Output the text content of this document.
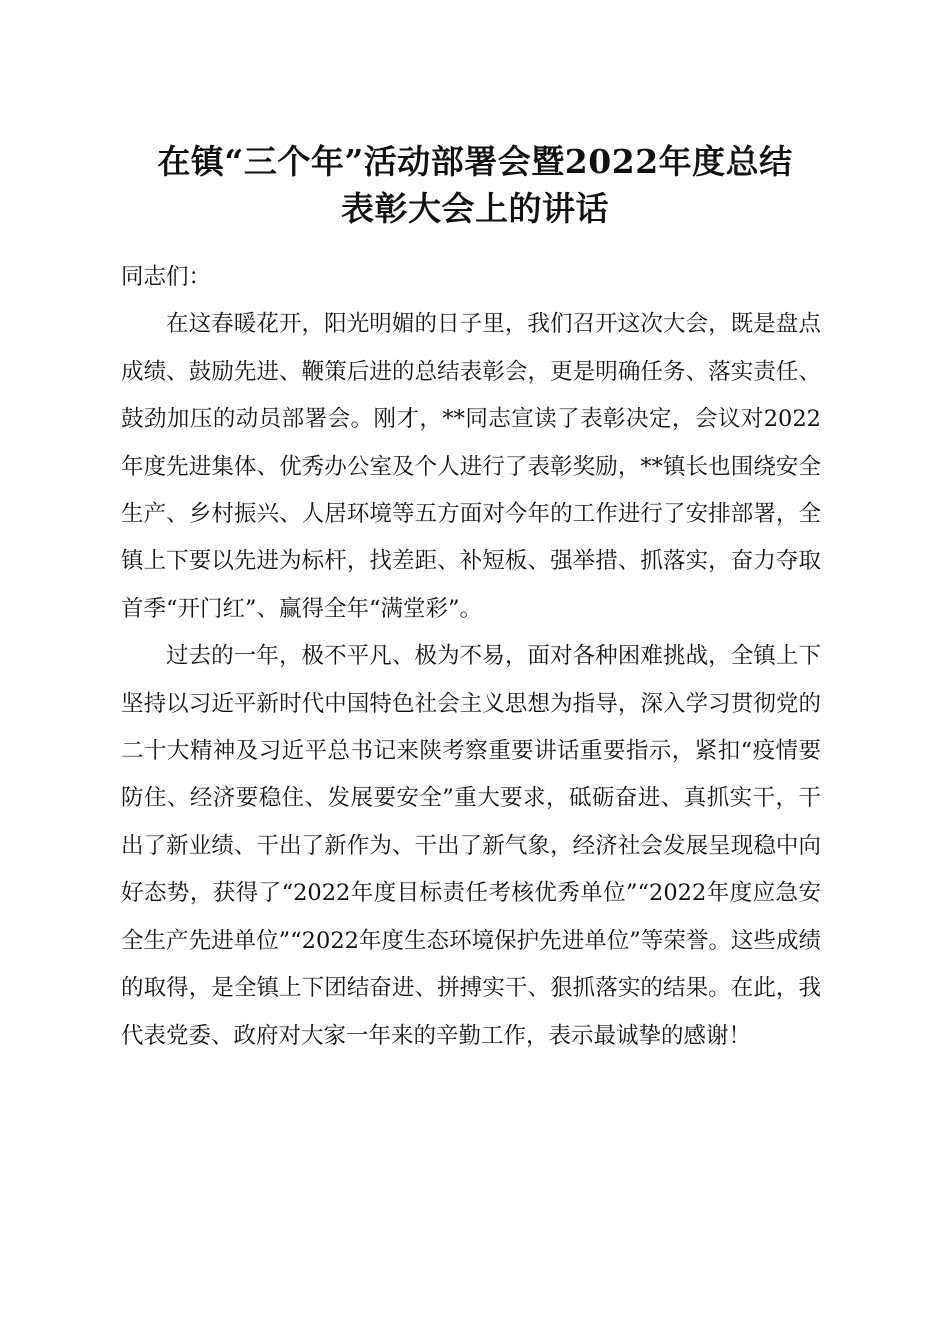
在镇“三个年”活动部署会暨2022年度总结
表彰大会上的讲话

同志们：

在这春暖花开，阳光明媚的日子里，我们召开这次大会，既是盘点成绩、鼓励先进、鞭策后进的总结表彰会，更是明确任务、落实责任、鼓劲加压的动员部署会。刚才，**同志宣读了表彰决定，会议对2022年度先进集体、优秀办公室及个人进行了表彰奖励，**镇长也围绕安全生产、乡村振兴、人居环境等五方面对今年的工作进行了安排部署，全镇上下要以先进为标杆，找差距、补短板、强举措、抓落实，奋力夺取首季“开门红”、赢得全年“满堂彩”。

过去的一年，极不平凡、极为不易，面对各种困难挑战，全镇上下坚持以习近平新时代中国特色社会主义思想为指导，深入学习贯彻党的二十大精神及习近平总书记来陕考察重要讲话重要指示，紧扣“疫情要防住、经济要稳住、发展要安全”重大要求，砥砺奋进、真抓实干，干出了新业绩、干出了新作为、干出了新气象，经济社会发展呈现稳中向好态势，获得了“2022年度目标责任考核优秀单位”“2022年度应急安全生产先进单位”“2022年度生态环境保护先进单位”等荣誉。这些成绩的取得，是全镇上下团结奋进、拼搏实干、狠抓落实的结果。在此，我代表党委、政府对大家一年来的辛勤工作，表示最诚挚的感谢！
